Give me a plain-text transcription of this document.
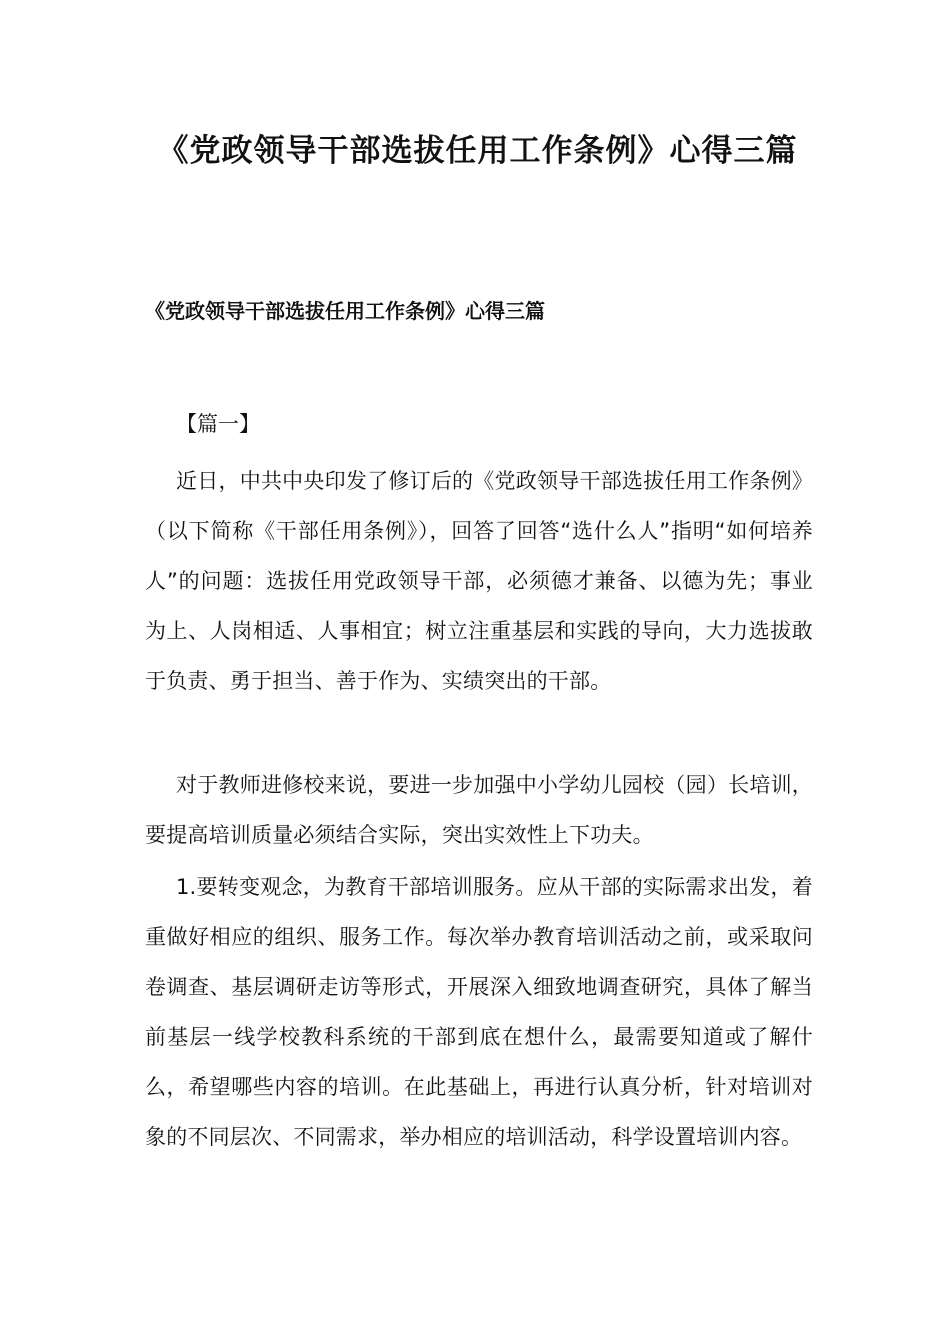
《党政领导干部选拔任用工作条例》心得三篇
《党政领导干部选拔任用工作条例》心得三篇

【篇一】

近日，中共中央印发了修订后的《党政领导干部选拔任用工作条例》（以下简称《干部任用条例》），回答了回答“选什么人”指明“如何培养人”的问题：选拔任用党政领导干部，必须德才兼备、以德为先；事业为上、人岗相适、人事相宜；树立注重基层和实践的导向，大力选拔敢于负责、勇于担当、善于作为、实绩突出的干部。

对于教师进修校来说，要进一步加强中小学幼儿园校（园）长培训，要提高培训质量必须结合实际，突出实效性上下功夫。

1.要转变观念，为教育干部培训服务。应从干部的实际需求出发，着重做好相应的组织、服务工作。每次举办教育培训活动之前，或采取问卷调查、基层调研走访等形式，开展深入细致地调查研究，具体了解当前基层一线学校教科系统的干部到底在想什么，最需要知道或了解什么，希望哪些内容的培训。在此基础上，再进行认真分析，针对培训对象的不同层次、不同需求，举办相应的培训活动，科学设置培训内容。
